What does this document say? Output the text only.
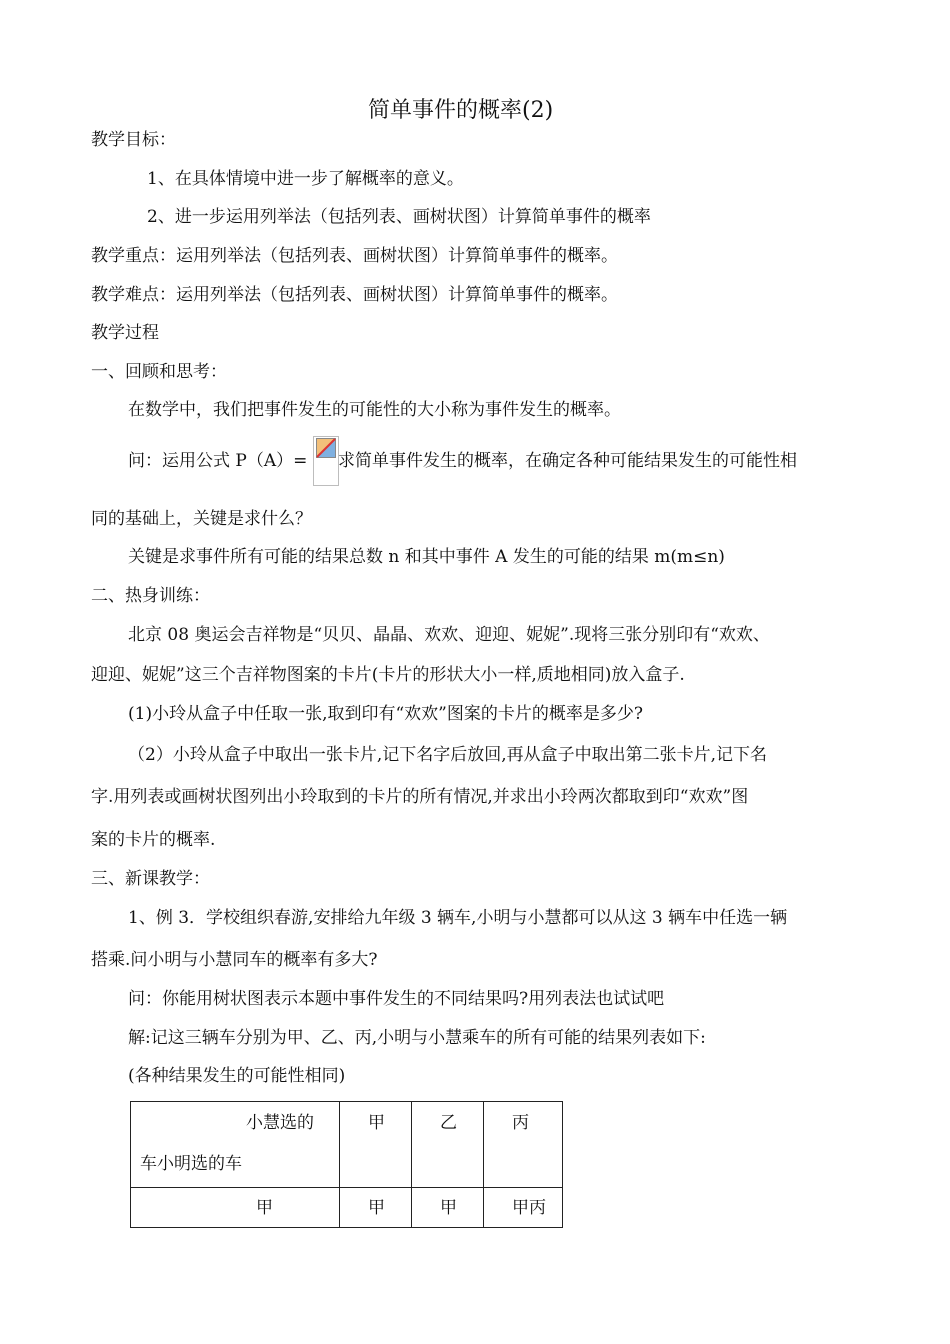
简单事件的概率(2)
教学目标：
1、在具体情境中进一步了解概率的意义。
2、进一步运用列举法（包括列表、画树状图）计算简单事件的概率
教学重点：运用列举法（包括列表、画树状图）计算简单事件的概率。
教学难点：运用列举法（包括列表、画树状图）计算简单事件的概率。
教学过程
一、回顾和思考：
在数学中，我们把事件发生的可能性的大小称为事件发生的概率。
问：运用公式 P（A）= 求简单事件发生的概率，在确定各种可能结果发生的可能性相
同的基础上，关键是求什么？
关键是求事件所有可能的结果总数 n 和其中事件 A 发生的可能的结果 m(m≤n)
二、热身训练：
北京 08 奥运会吉祥物是“贝贝、晶晶、欢欢、迎迎、妮妮”.现将三张分别印有“欢欢、
迎迎、妮妮”这三个吉祥物图案的卡片(卡片的形状大小一样,质地相同)放入盒子.
(1)小玲从盒子中任取一张,取到印有“欢欢”图案的卡片的概率是多少?
（2）小玲从盒子中取出一张卡片,记下名字后放回,再从盒子中取出第二张卡片,记下名
字.用列表或画树状图列出小玲取到的卡片的所有情况,并求出小玲两次都取到印“欢欢”图
案的卡片的概率.
三、新课教学：
1、例 3．学校组织春游,安排给九年级 3 辆车,小明与小慧都可以从这 3 辆车中任选一辆
搭乘.问小明与小慧同车的概率有多大?
问：你能用树状图表示本题中事件发生的不同结果吗?用列表法也试试吧
解:记这三辆车分别为甲、乙、丙,小明与小慧乘车的所有可能的结果列表如下:
(各种结果发生的可能性相同)
小慧选的
车小明选的车	甲	乙	丙

甲	甲	甲	甲丙
